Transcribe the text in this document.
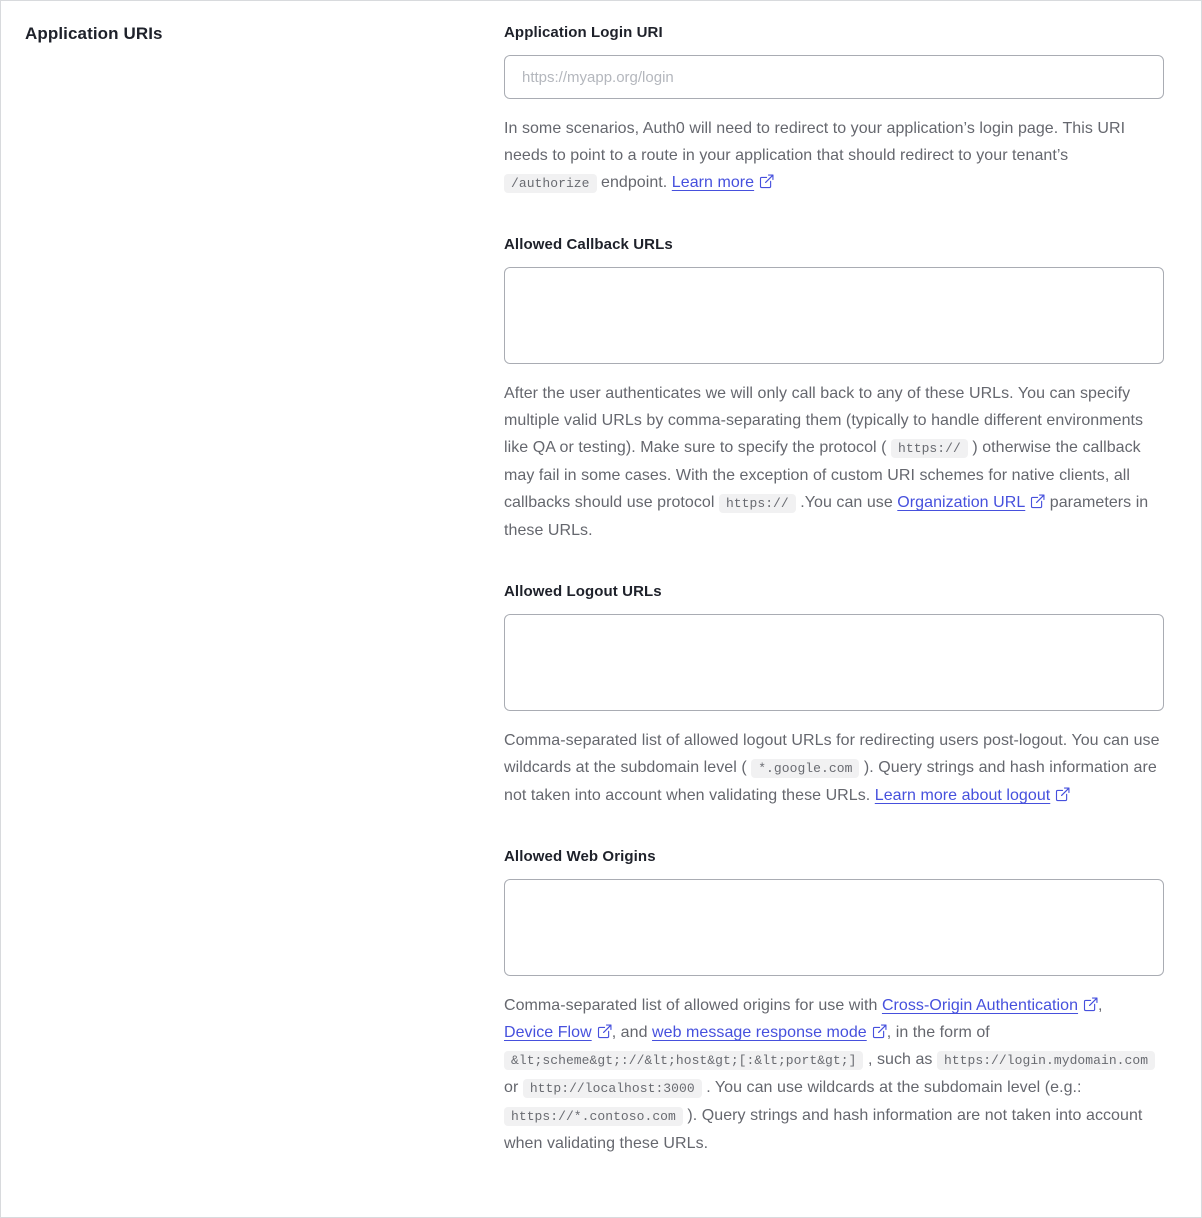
Application URIs	Application Login URI
https://myapp.org/login

In some scenarios, Auth0 will need to redirect to your application’s login page. This URI needs to point to a route in your application that should redirect to your tenant’s /authorize endpoint. Learn more

Allowed Callback URLs

After the user authenticates we will only call back to any of these URLs. You can specify multiple valid URLs by comma-separating them (typically to handle different environments like QA or testing). Make sure to specify the protocol ( https:// ) otherwise the callback may fail in some cases. With the exception of custom URI schemes for native clients, all callbacks should use protocol https:// .You can use Organization URL parameters in these URLs.

Allowed Logout URLs

Comma-separated list of allowed logout URLs for redirecting users post-logout. You can use wildcards at the subdomain level ( *.google.com ). Query strings and hash information are not taken into account when validating these URLs. Learn more about logout

Allowed Web Origins

Comma-separated list of allowed origins for use with Cross-Origin Authentication , Device Flow , and web message response mode , in the form of &lt;scheme&gt;://&lt;host&gt;[:&lt;port&gt;] , such as https://login.mydomain.com or http://localhost:3000 . You can use wildcards at the subdomain level (e.g.: https://*.contoso.com ). Query strings and hash information are not taken into account when validating these URLs.
